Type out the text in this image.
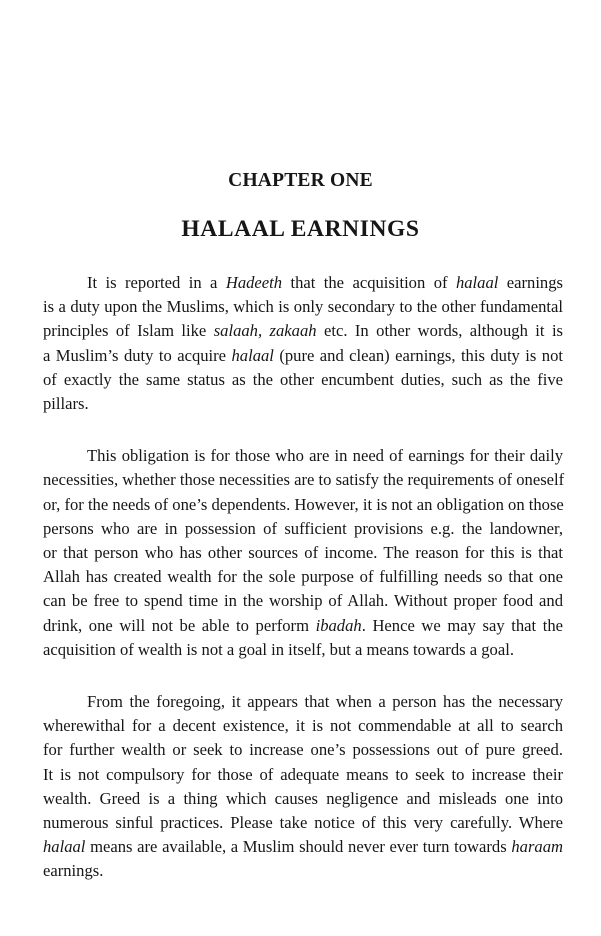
CHAPTER ONE
HALAAL EARNINGS

It is reported in a Hadeeth that the acquisition of halaal earnings
is a duty upon the Muslims, which is only secondary to the other fundamental
principles of Islam like salaah, zakaah etc. In other words, although it is
a Muslim’s duty to acquire halaal (pure and clean) earnings, this duty is not
of exactly the same status as the other encumbent duties, such as the five
pillars.

This obligation is for those who are in need of earnings for their daily
necessities, whether those necessities are to satisfy the requirements of oneself
or, for the needs of one’s dependents. However, it is not an obligation on those
persons who are in possession of sufficient provisions e.g. the landowner,
or that person who has other sources of income. The reason for this is that
Allah has created wealth for the sole purpose of fulfilling needs so that one
can be free to spend time in the worship of Allah. Without proper food and
drink, one will not be able to perform ibadah. Hence we may say that the
acquisition of wealth is not a goal in itself, but a means towards a goal.

From the foregoing, it appears that when a person has the necessary
wherewithal for a decent existence, it is not commendable at all to search
for further wealth or seek to increase one’s possessions out of pure greed.
It is not compulsory for those of adequate means to seek to increase their
wealth. Greed is a thing which causes negligence and misleads one into
numerous sinful practices. Please take notice of this very carefully. Where
halaal means are available, a Muslim should never ever turn towards haraam
earnings.
